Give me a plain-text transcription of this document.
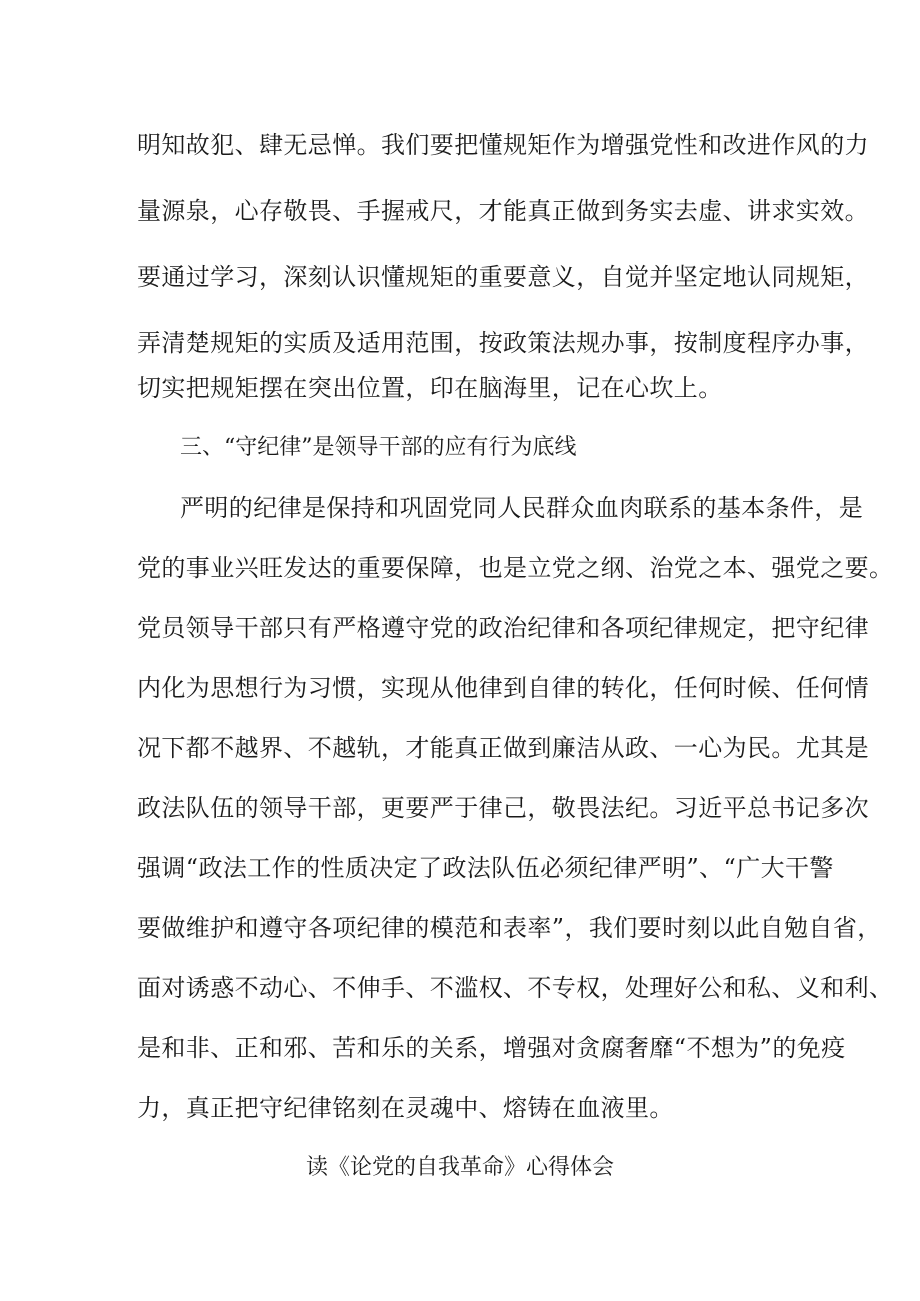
明知故犯、肆无忌惮。我们要把懂规矩作为增强党性和改进作风的力
量源泉，心存敬畏、手握戒尺，才能真正做到务实去虚、讲求实效。
要通过学习，深刻认识懂规矩的重要意义，自觉并坚定地认同规矩，
弄清楚规矩的实质及适用范围，按政策法规办事，按制度程序办事，
切实把规矩摆在突出位置，印在脑海里，记在心坎上。
三、“守纪律”是领导干部的应有行为底线
严明的纪律是保持和巩固党同人民群众血肉联系的基本条件，是
党的事业兴旺发达的重要保障，也是立党之纲、治党之本、强党之要。
党员领导干部只有严格遵守党的政治纪律和各项纪律规定，把守纪律
内化为思想行为习惯，实现从他律到自律的转化，任何时候、任何情
况下都不越界、不越轨，才能真正做到廉洁从政、一心为民。尤其是
政法队伍的领导干部，更要严于律己，敬畏法纪。习近平总书记多次
强调“政法工作的性质决定了政法队伍必须纪律严明”、“广大干警
要做维护和遵守各项纪律的模范和表率”，我们要时刻以此自勉自省，
面对诱惑不动心、不伸手、不滥权、不专权，处理好公和私、义和利、
是和非、正和邪、苦和乐的关系，增强对贪腐奢靡“不想为”的免疫
力，真正把守纪律铭刻在灵魂中、熔铸在血液里。
读《论党的自我革命》心得体会
